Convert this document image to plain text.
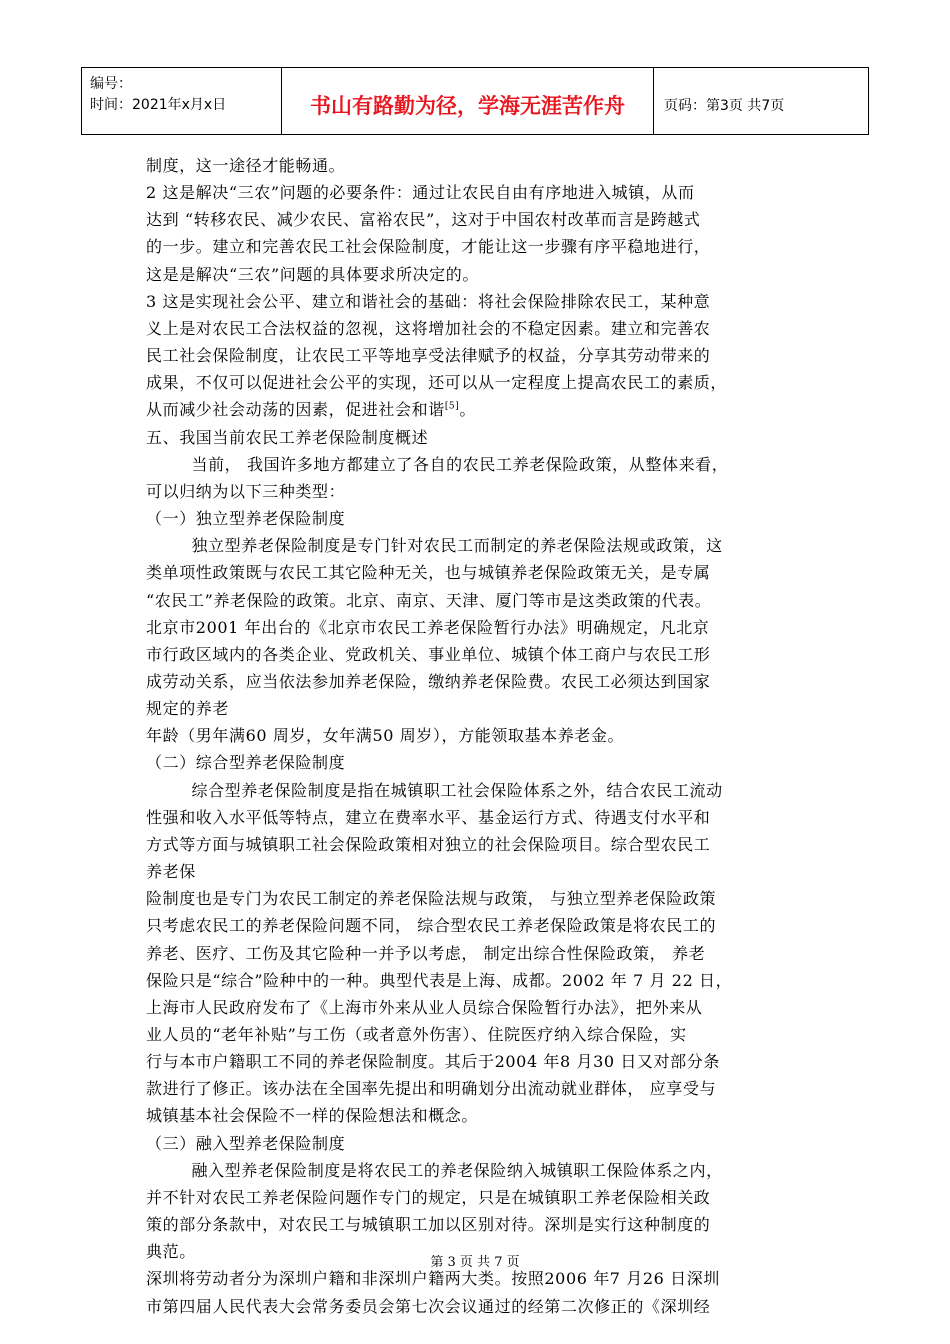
编号：
时间：2021年x月x日	书山有路勤为径，学海无涯苦作舟	页码：第3页 共7页

制度，这一途径才能畅通。

2 这是解决“三农”问题的必要条件：通过让农民自由有序地进入城镇，从而

达到 “转移农民、减少农民、富裕农民”，这对于中国农村改革而言是跨越式

的一步。建立和完善农民工社会保险制度，才能让这一步骤有序平稳地进行，

这是是解决“三农”问题的具体要求所决定的。

3 这是实现社会公平、建立和谐社会的基础：将社会保险排除农民工，某种意

义上是对农民工合法权益的忽视，这将增加社会的不稳定因素。建立和完善农

民工社会保险制度，让农民工平等地享受法律赋予的权益，分享其劳动带来的

成果，不仅可以促进社会公平的实现，还可以从一定程度上提高农民工的素质，

从而减少社会动荡的因素，促进社会和谐[5]。

五、我国当前农民工养老保险制度概述

当前， 我国许多地方都建立了各自的农民工养老保险政策，从整体来看，

可以归纳为以下三种类型：

（一）独立型养老保险制度

独立型养老保险制度是专门针对农民工而制定的养老保险法规或政策，这

类单项性政策既与农民工其它险种无关，也与城镇养老保险政策无关，是专属

“农民工”养老保险的政策。北京、南京、天津、厦门等市是这类政策的代表。

北京市2001 年出台的《北京市农民工养老保险暂行办法》明确规定，凡北京

市行政区域内的各类企业、党政机关、事业单位、城镇个体工商户与农民工形

成劳动关系，应当依法参加养老保险，缴纳养老保险费。农民工必须达到国家

规定的养老

年龄（男年满60 周岁，女年满50 周岁），方能领取基本养老金。

（二）综合型养老保险制度

综合型养老保险制度是指在城镇职工社会保险体系之外，结合农民工流动

性强和收入水平低等特点，建立在费率水平、基金运行方式、待遇支付水平和

方式等方面与城镇职工社会保险政策相对独立的社会保险项目。综合型农民工

养老保

险制度也是专门为农民工制定的养老保险法规与政策， 与独立型养老保险政策

只考虑农民工的养老保险问题不同， 综合型农民工养老保险政策是将农民工的

养老、医疗、工伤及其它险种一并予以考虑， 制定出综合性保险政策， 养老

保险只是“综合”险种中的一种。典型代表是上海、成都。2002 年 7 月 22 日，

上海市人民政府发布了《上海市外来从业人员综合保险暂行办法》，把外来从

业人员的“老年补贴”与工伤（或者意外伤害）、住院医疗纳入综合保险，实

行与本市户籍职工不同的养老保险制度。其后于2004 年8 月30 日又对部分条

款进行了修正。该办法在全国率先提出和明确划分出流动就业群体， 应享受与

城镇基本社会保险不一样的保险想法和概念。

（三）融入型养老保险制度

融入型养老保险制度是将农民工的养老保险纳入城镇职工保险体系之内，

并不针对农民工养老保险问题作专门的规定，只是在城镇职工养老保险相关政

策的部分条款中，对农民工与城镇职工加以区别对待。深圳是实行这种制度的

典范。

深圳将劳动者分为深圳户籍和非深圳户籍两大类。按照2006 年7 月26 日深圳

市第四届人民代表大会常务委员会第七次会议通过的经第二次修正的《深圳经

第 3 页 共 7 页
